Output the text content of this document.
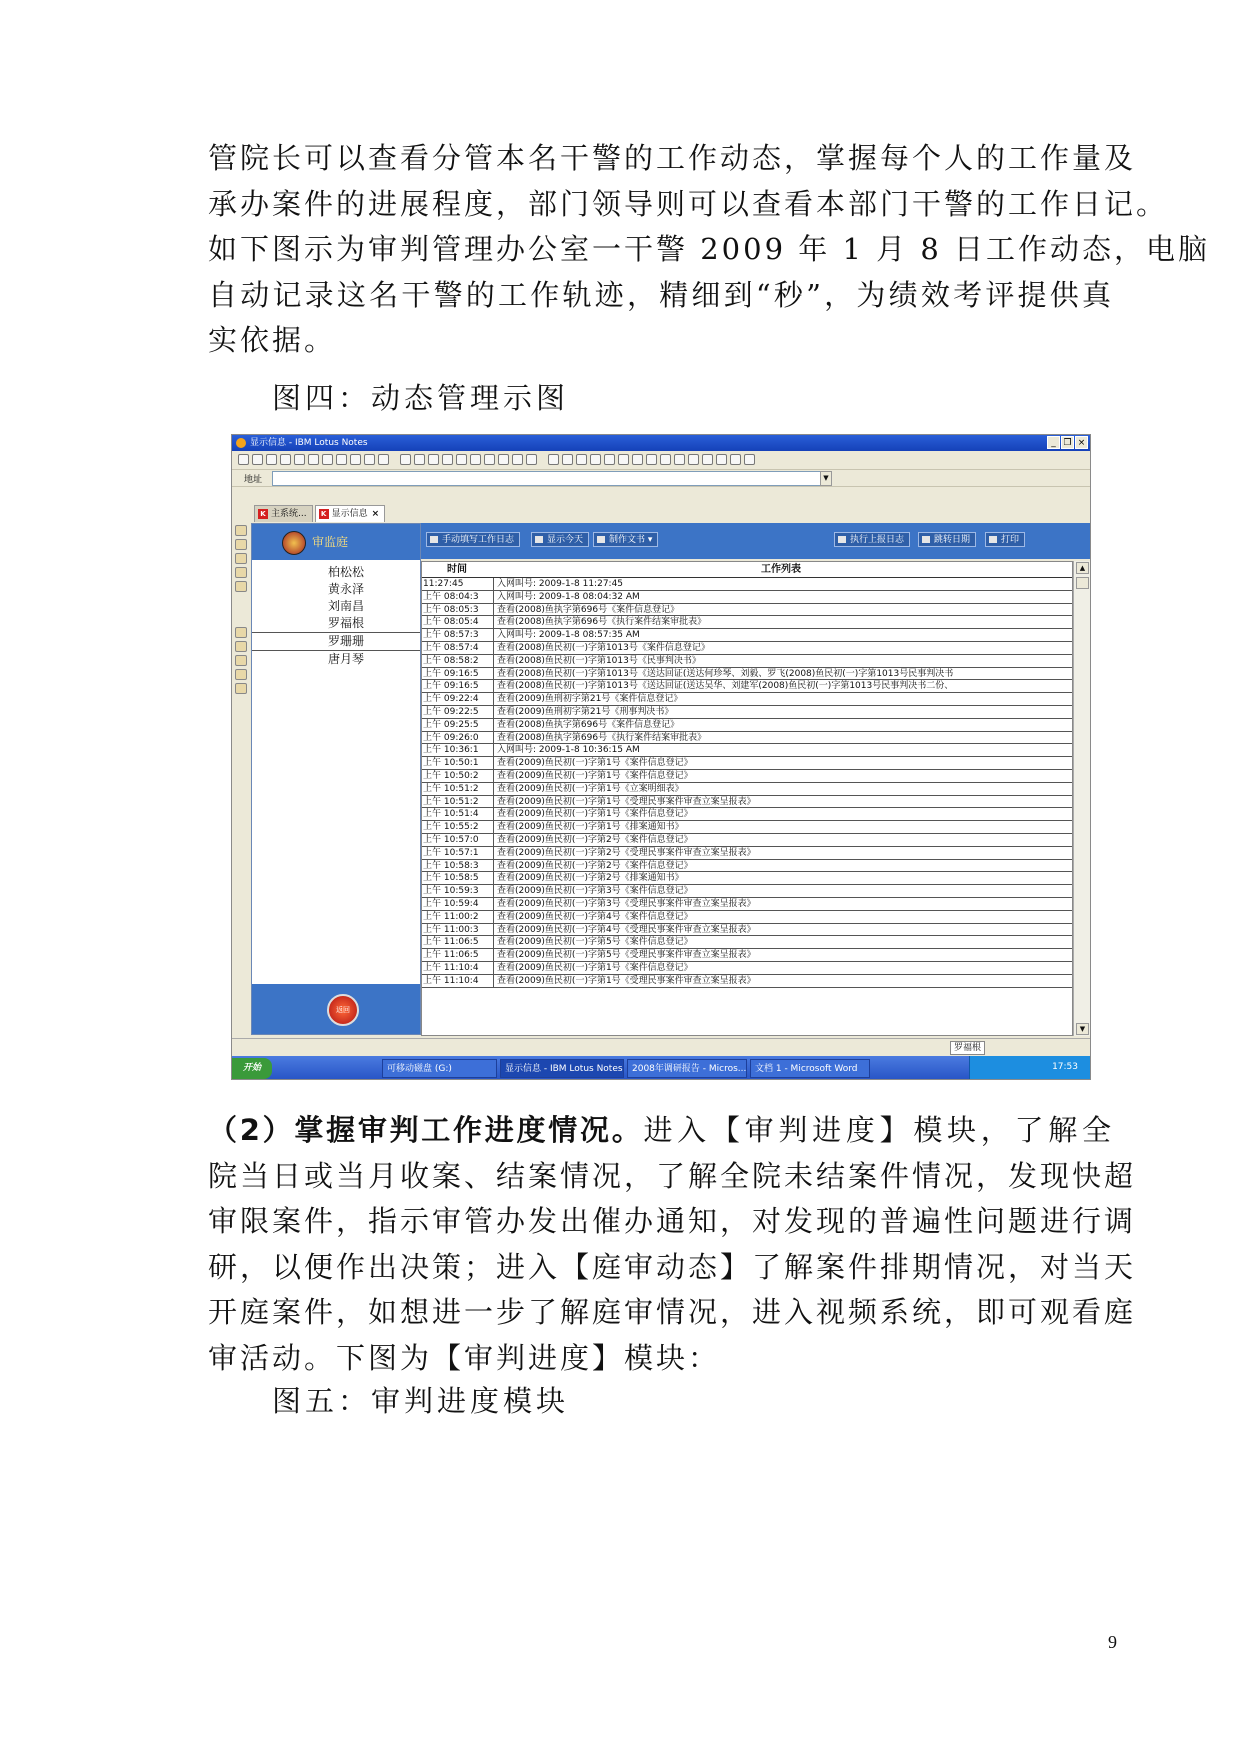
管院长可以查看分管本名干警的工作动态，掌握每个人的工作量及
承办案件的进展程度，部门领导则可以查看本部门干警的工作日记。
如下图示为审判管理办公室一干警 2009 年 1 月 8 日工作动态，电脑
自动记录这名干警的工作轨迹，精细到“秒”，为绩效考评提供真
实依据。
图四：动态管理示图
显示信息 - IBM Lotus Notes	_ ❐ ×
地址	▼
K 主系统...	K 显示信息 ×
审监庭
柏松松
黄永泽
刘南昌
罗福根
罗珊珊
唐月琴
返回
手动填写工作日志	显示今天	制作文书 ▾	执行上报日志	跳转日期	打印
时间	工作列表
11:27:45	入网叫号: 2009-1-8 11:27:45
上午 08:04:3	入网叫号: 2009-1-8 08:04:32 AM
上午 08:05:3	查看(2008)鱼执字第696号《案件信息登记》
上午 08:05:4	查看(2008)鱼执字第696号《执行案件结案审批表》
上午 08:57:3	入网叫号: 2009-1-8 08:57:35 AM
上午 08:57:4	查看(2008)鱼民初(一)字第1013号《案件信息登记》
上午 08:58:2	查看(2008)鱼民初(一)字第1013号《民事判决书》
上午 09:16:5	查看(2008)鱼民初(一)字第1013号《送达回证(送达何珍琴、刘毅、罗飞(2008)鱼民初(一)字第1013号民事判决书
上午 09:16:5	查看(2008)鱼民初(一)字第1013号《送达回证(送达吴华、刘建军(2008)鱼民初(一)字第1013号民事判决书二份、
上午 09:22:4	查看(2009)鱼刑初字第21号《案件信息登记》
上午 09:22:5	查看(2009)鱼刑初字第21号《刑事判决书》
上午 09:25:5	查看(2008)鱼执字第696号《案件信息登记》
上午 09:26:0	查看(2008)鱼执字第696号《执行案件结案审批表》
上午 10:36:1	入网叫号: 2009-1-8 10:36:15 AM
上午 10:50:1	查看(2009)鱼民初(一)字第1号《案件信息登记》
上午 10:50:2	查看(2009)鱼民初(一)字第1号《案件信息登记》
上午 10:51:2	查看(2009)鱼民初(一)字第1号《立案明细表》
上午 10:51:2	查看(2009)鱼民初(一)字第1号《受理民事案件审查立案呈报表》
上午 10:51:4	查看(2009)鱼民初(一)字第1号《案件信息登记》
上午 10:55:2	查看(2009)鱼民初(一)字第1号《排案通知书》
上午 10:57:0	查看(2009)鱼民初(一)字第2号《案件信息登记》
上午 10:57:1	查看(2009)鱼民初(一)字第2号《受理民事案件审查立案呈报表》
上午 10:58:3	查看(2009)鱼民初(一)字第2号《案件信息登记》
上午 10:58:5	查看(2009)鱼民初(一)字第2号《排案通知书》
上午 10:59:3	查看(2009)鱼民初(一)字第3号《案件信息登记》
上午 10:59:4	查看(2009)鱼民初(一)字第3号《受理民事案件审查立案呈报表》
上午 11:00:2	查看(2009)鱼民初(一)字第4号《案件信息登记》
上午 11:00:3	查看(2009)鱼民初(一)字第4号《受理民事案件审查立案呈报表》
上午 11:06:5	查看(2009)鱼民初(一)字第5号《案件信息登记》
上午 11:06:5	查看(2009)鱼民初(一)字第5号《受理民事案件审查立案呈报表》
上午 11:10:4	查看(2009)鱼民初(一)字第1号《案件信息登记》
上午 11:10:4	查看(2009)鱼民初(一)字第1号《受理民事案件审查立案呈报表》
▲
▼
罗福根
开始	可移动磁盘 (G:)	显示信息 - IBM Lotus Notes	2008年调研报告 - Micros... 文档 1 - Microsoft Word	17:53
（2）掌握审判工作进度情况。进入【审判进度】模块，了解全
院当日或当月收案、结案情况，了解全院未结案件情况，发现快超
审限案件，指示审管办发出催办通知，对发现的普遍性问题进行调
研，以便作出决策；进入【庭审动态】了解案件排期情况，对当天
开庭案件，如想进一步了解庭审情况，进入视频系统，即可观看庭
审活动。下图为【审判进度】模块：
图五：审判进度模块
9
